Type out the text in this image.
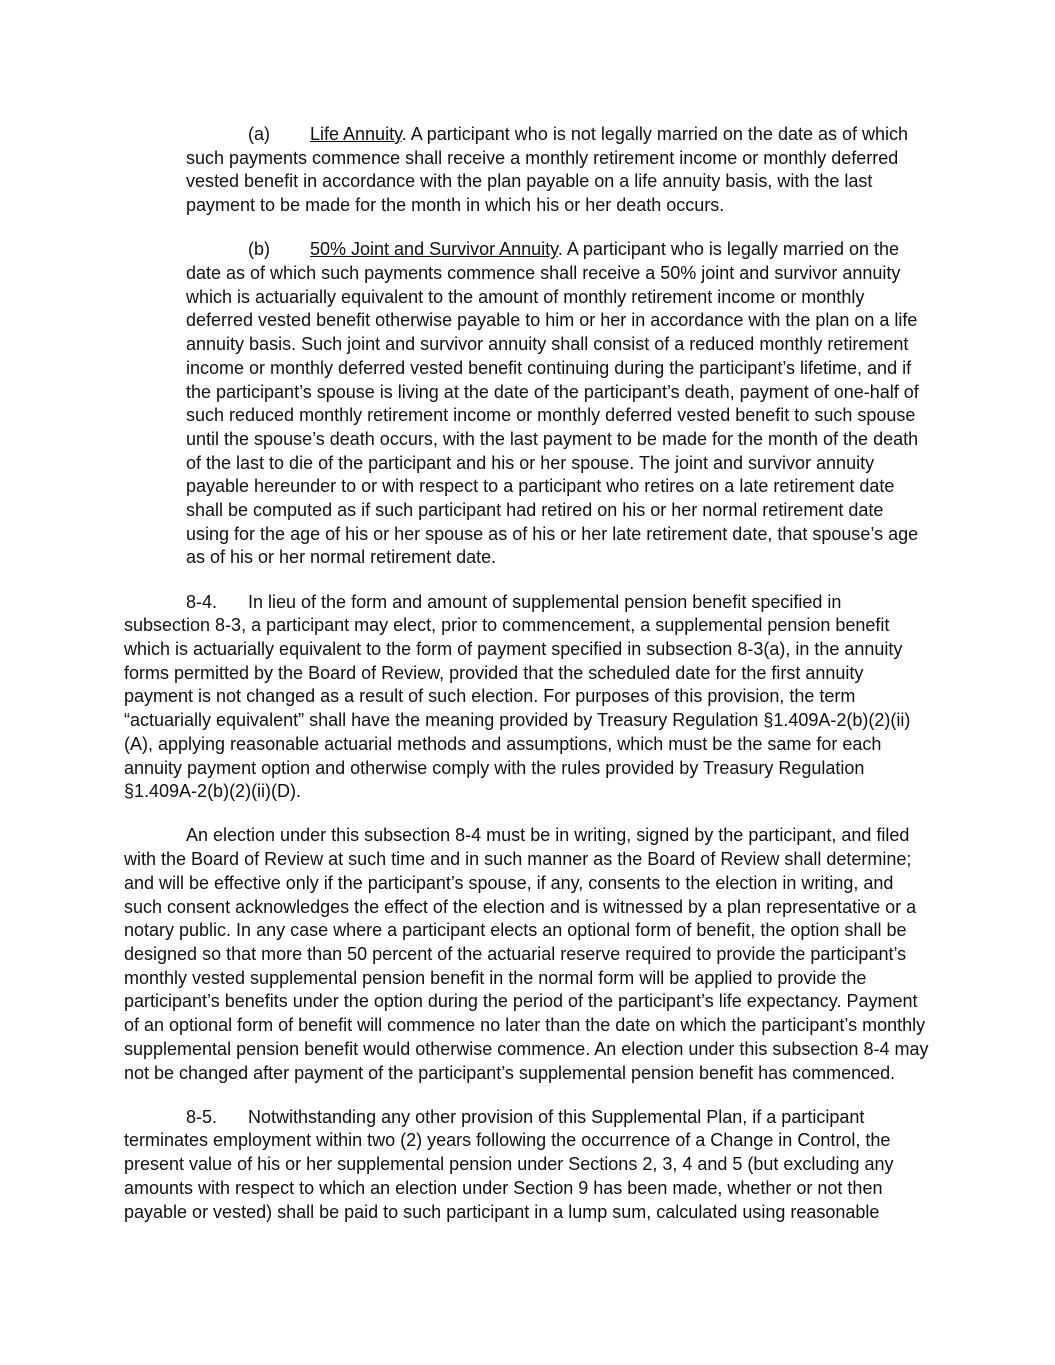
(a) Life Annuity. A participant who is not legally married on the date as of which such payments commence shall receive a monthly retirement income or monthly deferred vested benefit in accordance with the plan payable on a life annuity basis, with the last payment to be made for the month in which his or her death occurs.

(b) 50% Joint and Survivor Annuity. A participant who is legally married on the date as of which such payments commence shall receive a 50% joint and survivor annuity which is actuarially equivalent to the amount of monthly retirement income or monthly deferred vested benefit otherwise payable to him or her in accordance with the plan on a life annuity basis. Such joint and survivor annuity shall consist of a reduced monthly retirement income or monthly deferred vested benefit continuing during the participant’s lifetime, and if the participant’s spouse is living at the date of the participant’s death, payment of one-half of such reduced monthly retirement income or monthly deferred vested benefit to such spouse until the spouse’s death occurs, with the last payment to be made for the month of the death of the last to die of the participant and his or her spouse. The joint and survivor annuity payable hereunder to or with respect to a participant who retires on a late retirement date shall be computed as if such participant had retired on his or her normal retirement date using for the age of his or her spouse as of his or her late retirement date, that spouse’s age as of his or her normal retirement date.

8-4. In lieu of the form and amount of supplemental pension benefit specified in subsection 8-3, a participant may elect, prior to commencement, a supplemental pension benefit which is actuarially equivalent to the form of payment specified in subsection 8-3(a), in the annuity forms permitted by the Board of Review, provided that the scheduled date for the first annuity payment is not changed as a result of such election. For purposes of this provision, the term “actuarially equivalent” shall have the meaning provided by Treasury Regulation §1.409A-2(b)(2)(ii)(A), applying reasonable actuarial methods and assumptions, which must be the same for each annuity payment option and otherwise comply with the rules provided by Treasury Regulation §1.409A-2(b)(2)(ii)(D).

An election under this subsection 8-4 must be in writing, signed by the participant, and filed with the Board of Review at such time and in such manner as the Board of Review shall determine; and will be effective only if the participant’s spouse, if any, consents to the election in writing, and such consent acknowledges the effect of the election and is witnessed by a plan representative or a notary public. In any case where a participant elects an optional form of benefit, the option shall be designed so that more than 50 percent of the actuarial reserve required to provide the participant’s monthly vested supplemental pension benefit in the normal form will be applied to provide the participant’s benefits under the option during the period of the participant’s life expectancy. Payment of an optional form of benefit will commence no later than the date on which the participant’s monthly supplemental pension benefit would otherwise commence. An election under this subsection 8-4 may not be changed after payment of the participant’s supplemental pension benefit has commenced.

8-5. Notwithstanding any other provision of this Supplemental Plan, if a participant terminates employment within two (2) years following the occurrence of a Change in Control, the present value of his or her supplemental pension under Sections 2, 3, 4 and 5 (but excluding any amounts with respect to which an election under Section 9 has been made, whether or not then payable or vested) shall be paid to such participant in a lump sum, calculated using reasonable
